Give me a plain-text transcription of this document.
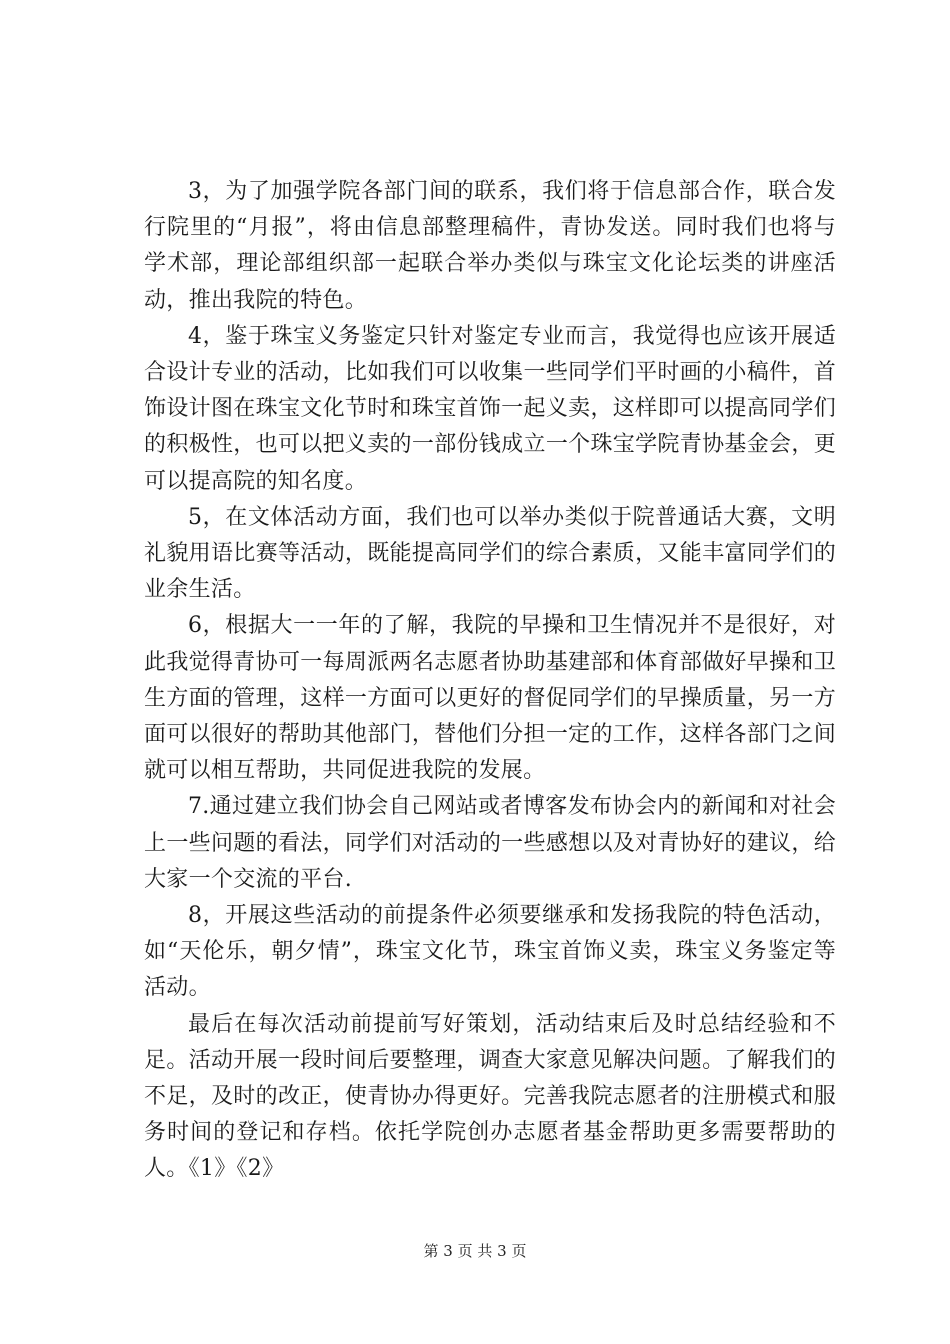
3，为了加强学院各部门间的联系，我们将于信息部合作，联合发行院里的“月报”，将由信息部整理稿件，青协发送。同时我们也将与学术部，理论部组织部一起联合举办类似与珠宝文化论坛类的讲座活动，推出我院的特色。

4，鉴于珠宝义务鉴定只针对鉴定专业而言，我觉得也应该开展适合设计专业的活动，比如我们可以收集一些同学们平时画的小稿件，首饰设计图在珠宝文化节时和珠宝首饰一起义卖，这样即可以提高同学们的积极性，也可以把义卖的一部份钱成立一个珠宝学院青协基金会，更可以提高院的知名度。

5，在文体活动方面，我们也可以举办类似于院普通话大赛，文明礼貌用语比赛等活动，既能提高同学们的综合素质，又能丰富同学们的业余生活。

6，根据大一一年的了解，我院的早操和卫生情况并不是很好，对此我觉得青协可一每周派两名志愿者协助基建部和体育部做好早操和卫生方面的管理，这样一方面可以更好的督促同学们的早操质量，另一方面可以很好的帮助其他部门，替他们分担一定的工作，这样各部门之间就可以相互帮助，共同促进我院的发展。

7.通过建立我们协会自己网站或者博客发布协会内的新闻和对社会上一些问题的看法，同学们对活动的一些感想以及对青协好的建议，给大家一个交流的平台.

8，开展这些活动的前提条件必须要继承和发扬我院的特色活动，如“天伦乐，朝夕情”，珠宝文化节，珠宝首饰义卖，珠宝义务鉴定等活动。

最后在每次活动前提前写好策划，活动结束后及时总结经验和不足。活动开展一段时间后要整理，调查大家意见解决问题。了解我们的不足，及时的改正，使青协办得更好。完善我院志愿者的注册模式和服务时间的登记和存档。依托学院创办志愿者基金帮助更多需要帮助的人。《1》《2》

第 3 页 共 3 页
